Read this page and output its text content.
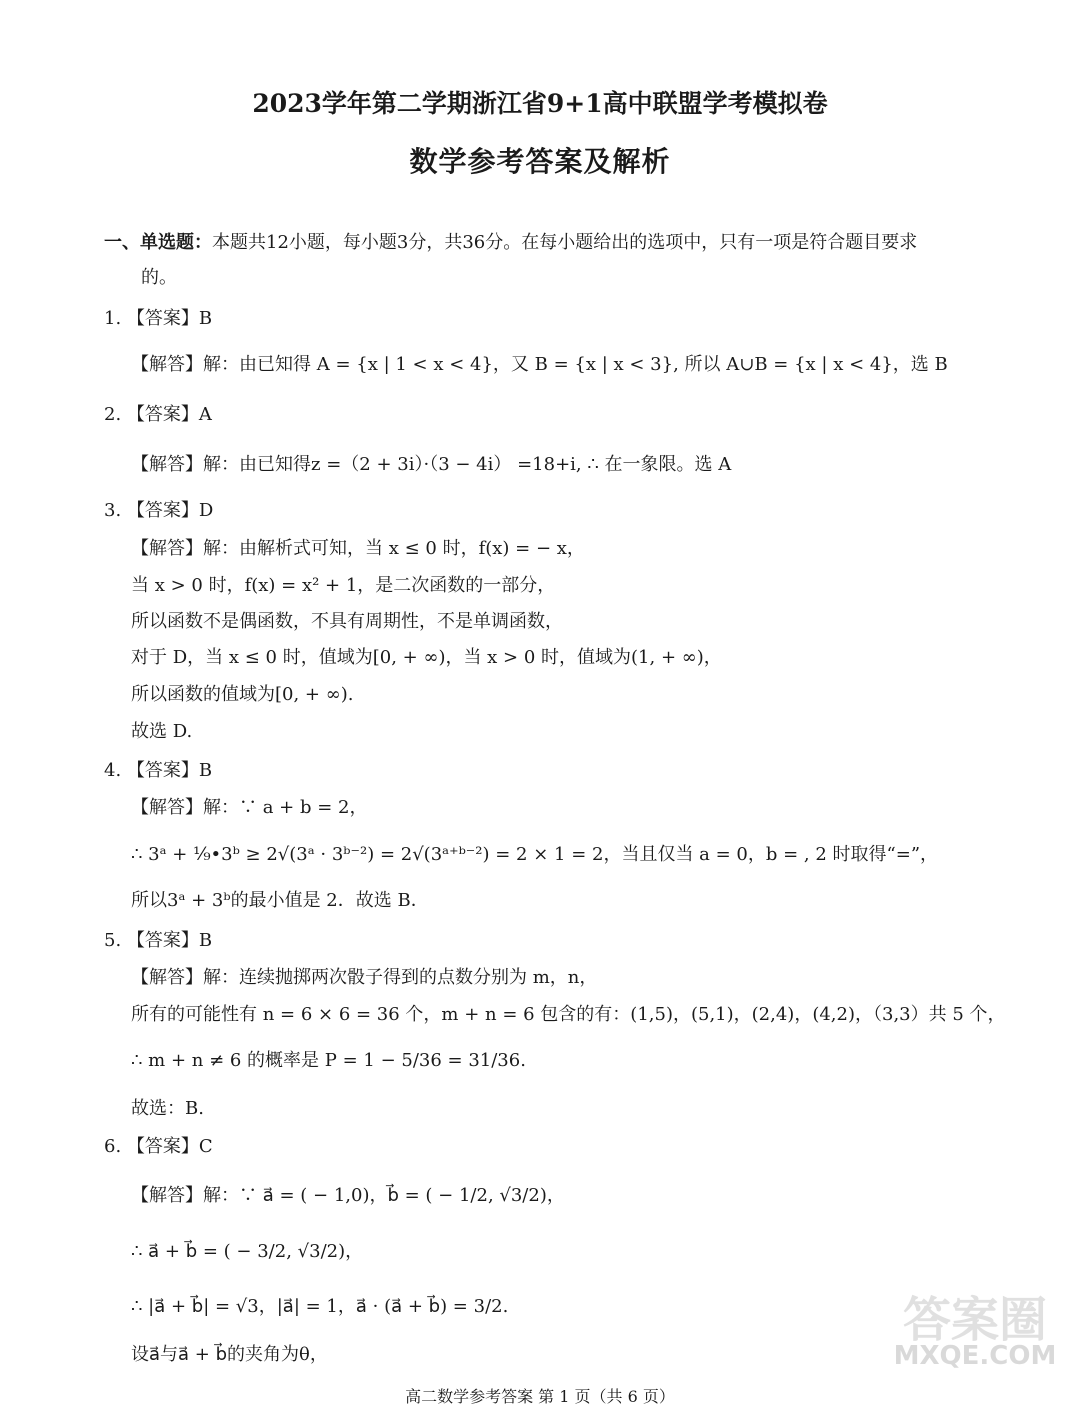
2023学年第二学期浙江省9+1高中联盟学考模拟卷
数学参考答案及解析
一、单选题：本题共12小题，每小题3分，共36分。在每小题给出的选项中，只有一项是符合题目要求
的。
1. 【答案】B
【解答】解：由已知得 A = {x | 1 < x < 4}，又 B = {x | x < 3}, 所以 A∪B = {x | x < 4}，选 B
2. 【答案】A
【解答】解：由已知得z =（2 + 3i）·（3 − 4i） =18+i, ∴ 在一象限。选 A
3. 【答案】D
【解答】解：由解析式可知，当 x ≤ 0 时，f(x) = − x，
当 x > 0 时，f(x) = x² + 1，是二次函数的一部分，
所以函数不是偶函数，不具有周期性，不是单调函数，
对于 D，当 x ≤ 0 时，值域为[0, + ∞)，当 x > 0 时，值域为(1, + ∞)，
所以函数的值域为[0, + ∞).
故选 D.
4. 【答案】B
【解答】解：∵ a + b = 2，
∴ 3ᵃ + ¹⁄₉•3ᵇ ≥ 2√(3ᵃ · 3ᵇ⁻²) = 2√(3ᵃ⁺ᵇ⁻²) = 2 × 1 = 2，当且仅当 a = 0，b = , 2 时取得“=”，
所以3ᵃ + 3ᵇ的最小值是 2．故选 B．
5. 【答案】B
【解答】解：连续抛掷两次骰子得到的点数分别为 m，n，
所有的可能性有 n = 6 × 6 = 36 个，m + n = 6 包含的有：(1,5)，(5,1)，(2,4)，(4,2)，（3,3）共 5 个，
∴ m + n ≠ 6 的概率是 P = 1 − 5/36 = 31/36.
故选：B.
6. 【答案】C
【解答】解：∵ a⃗ = ( − 1,0)，b⃗ = ( − 1/2, √3/2)，
∴ a⃗ + b⃗ = ( − 3/2, √3/2)，
∴ |a⃗ + b⃗| = √3，|a⃗| = 1，a⃗ · (a⃗ + b⃗) = 3/2.
设a⃗与a⃗ + b⃗的夹角为θ，
答案圈
MXQE.COM
高二数学参考答案 第 1 页（共 6 页）
